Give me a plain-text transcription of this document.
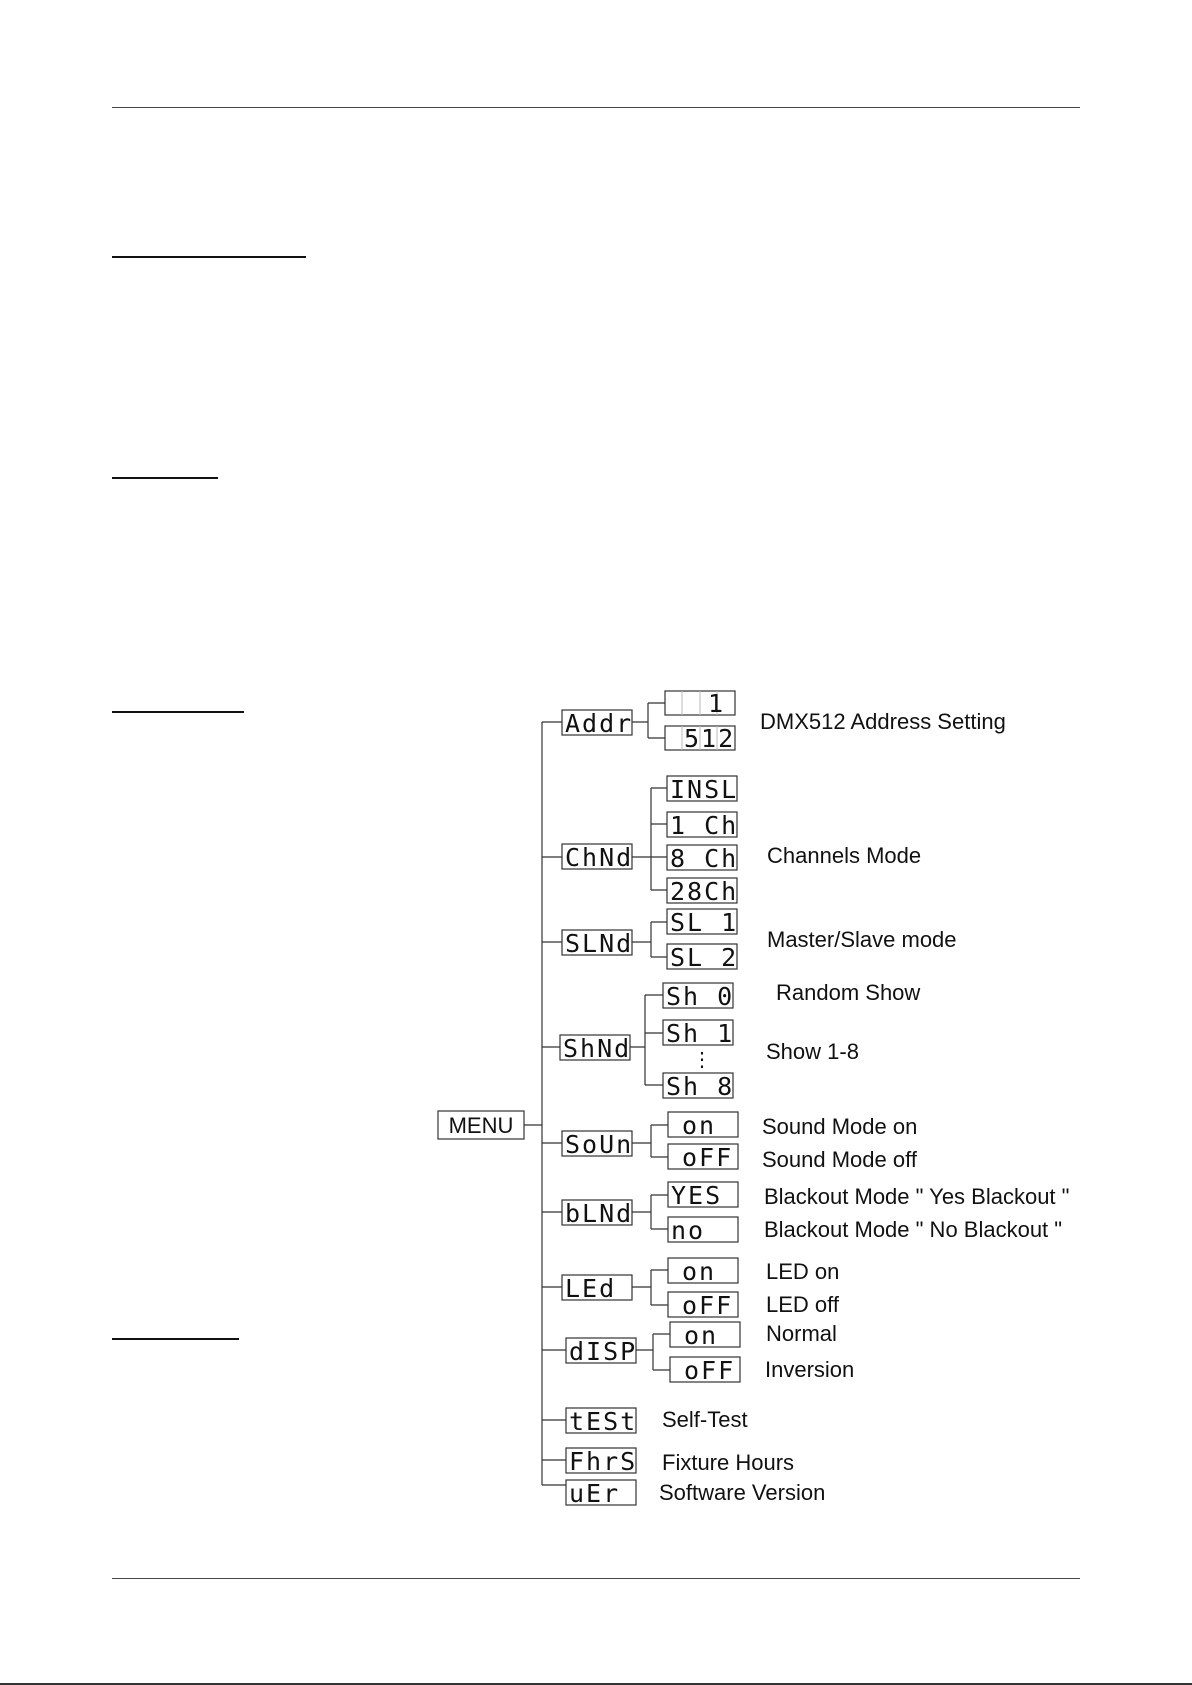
MENU
Addr
1
512
DMX512 Address Setting
ChNd
INSL
1 Ch
8 Ch
28Ch
Channels Mode
SLNd
SL 1
SL 2
Master/Slave mode
ShNd
Sh 0
Sh 1
⋮
Sh 8
Random Show
Show 1-8
SoUn
on
oFF
Sound Mode on
Sound Mode off
bLNd
YES
no
Blackout Mode " Yes Blackout "
Blackout Mode " No Blackout "
LEd
on
oFF
LED on
LED off
dISP
on
oFF
Normal
Inversion
tESt Self-Test
FhrS Fixture Hours
uEr Software Version
